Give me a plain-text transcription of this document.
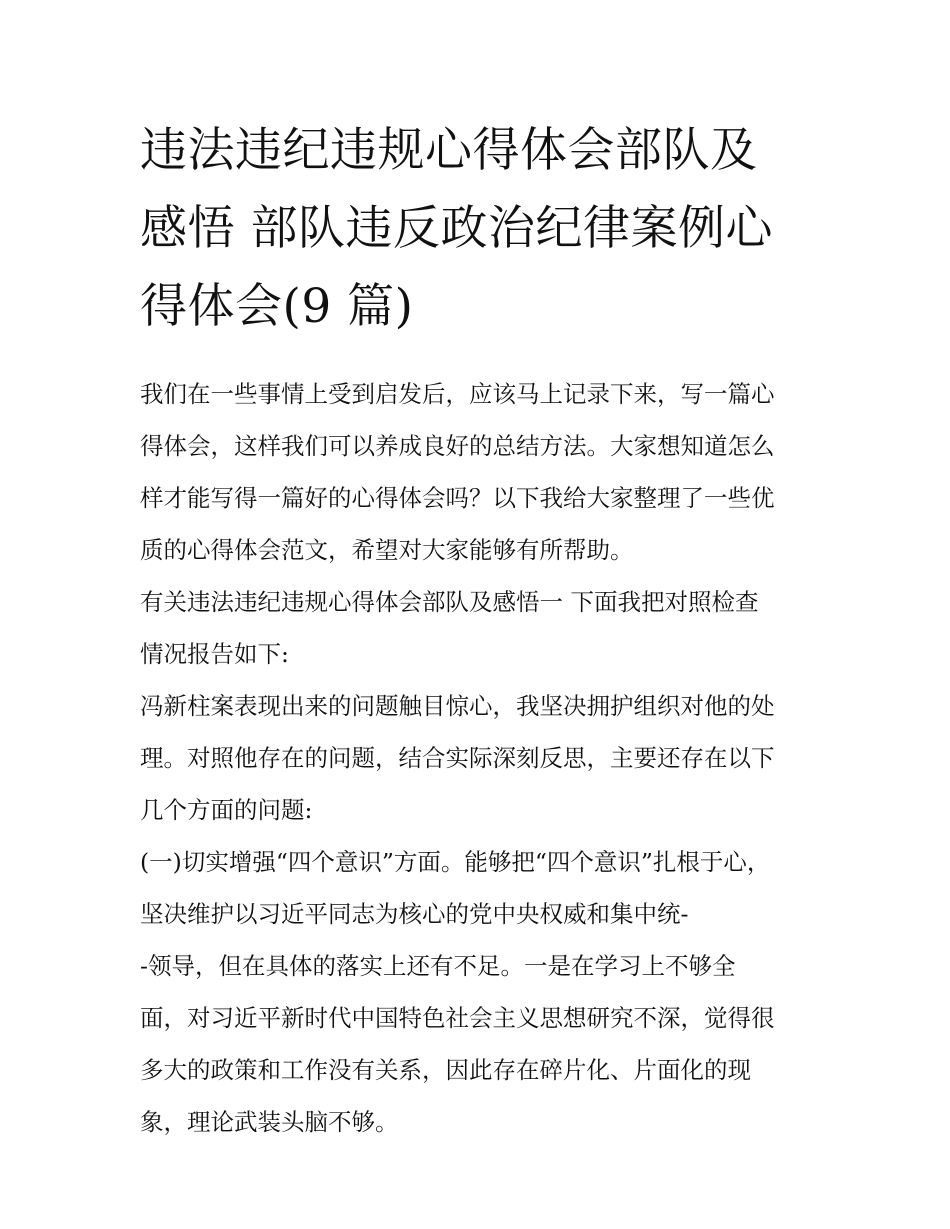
违法违纪违规心得体会部队及
感悟 部队违反政治纪律案例心
得体会(9 篇)

我们在一些事情上受到启发后，应该马上记录下来，写一篇心

得体会，这样我们可以养成良好的总结方法。大家想知道怎么

样才能写得一篇好的心得体会吗？以下我给大家整理了一些优

质的心得体会范文，希望对大家能够有所帮助。

有关违法违纪违规心得体会部队及感悟一 下面我把对照检查

情况报告如下:

冯新柱案表现出来的问题触目惊心，我坚决拥护组织对他的处

理。对照他存在的问题，结合实际深刻反思，主要还存在以下

几个方面的问题:

(一)切实增强“四个意识”方面。能够把“四个意识”扎根于心，

坚决维护以习近平同志为核心的党中央权威和集中统-

-领导，但在具体的落实上还有不足。一是在学习上不够全

面，对习近平新时代中国特色社会主义思想研究不深，觉得很

多大的政策和工作没有关系，因此存在碎片化、片面化的现

象，理论武装头脑不够。
